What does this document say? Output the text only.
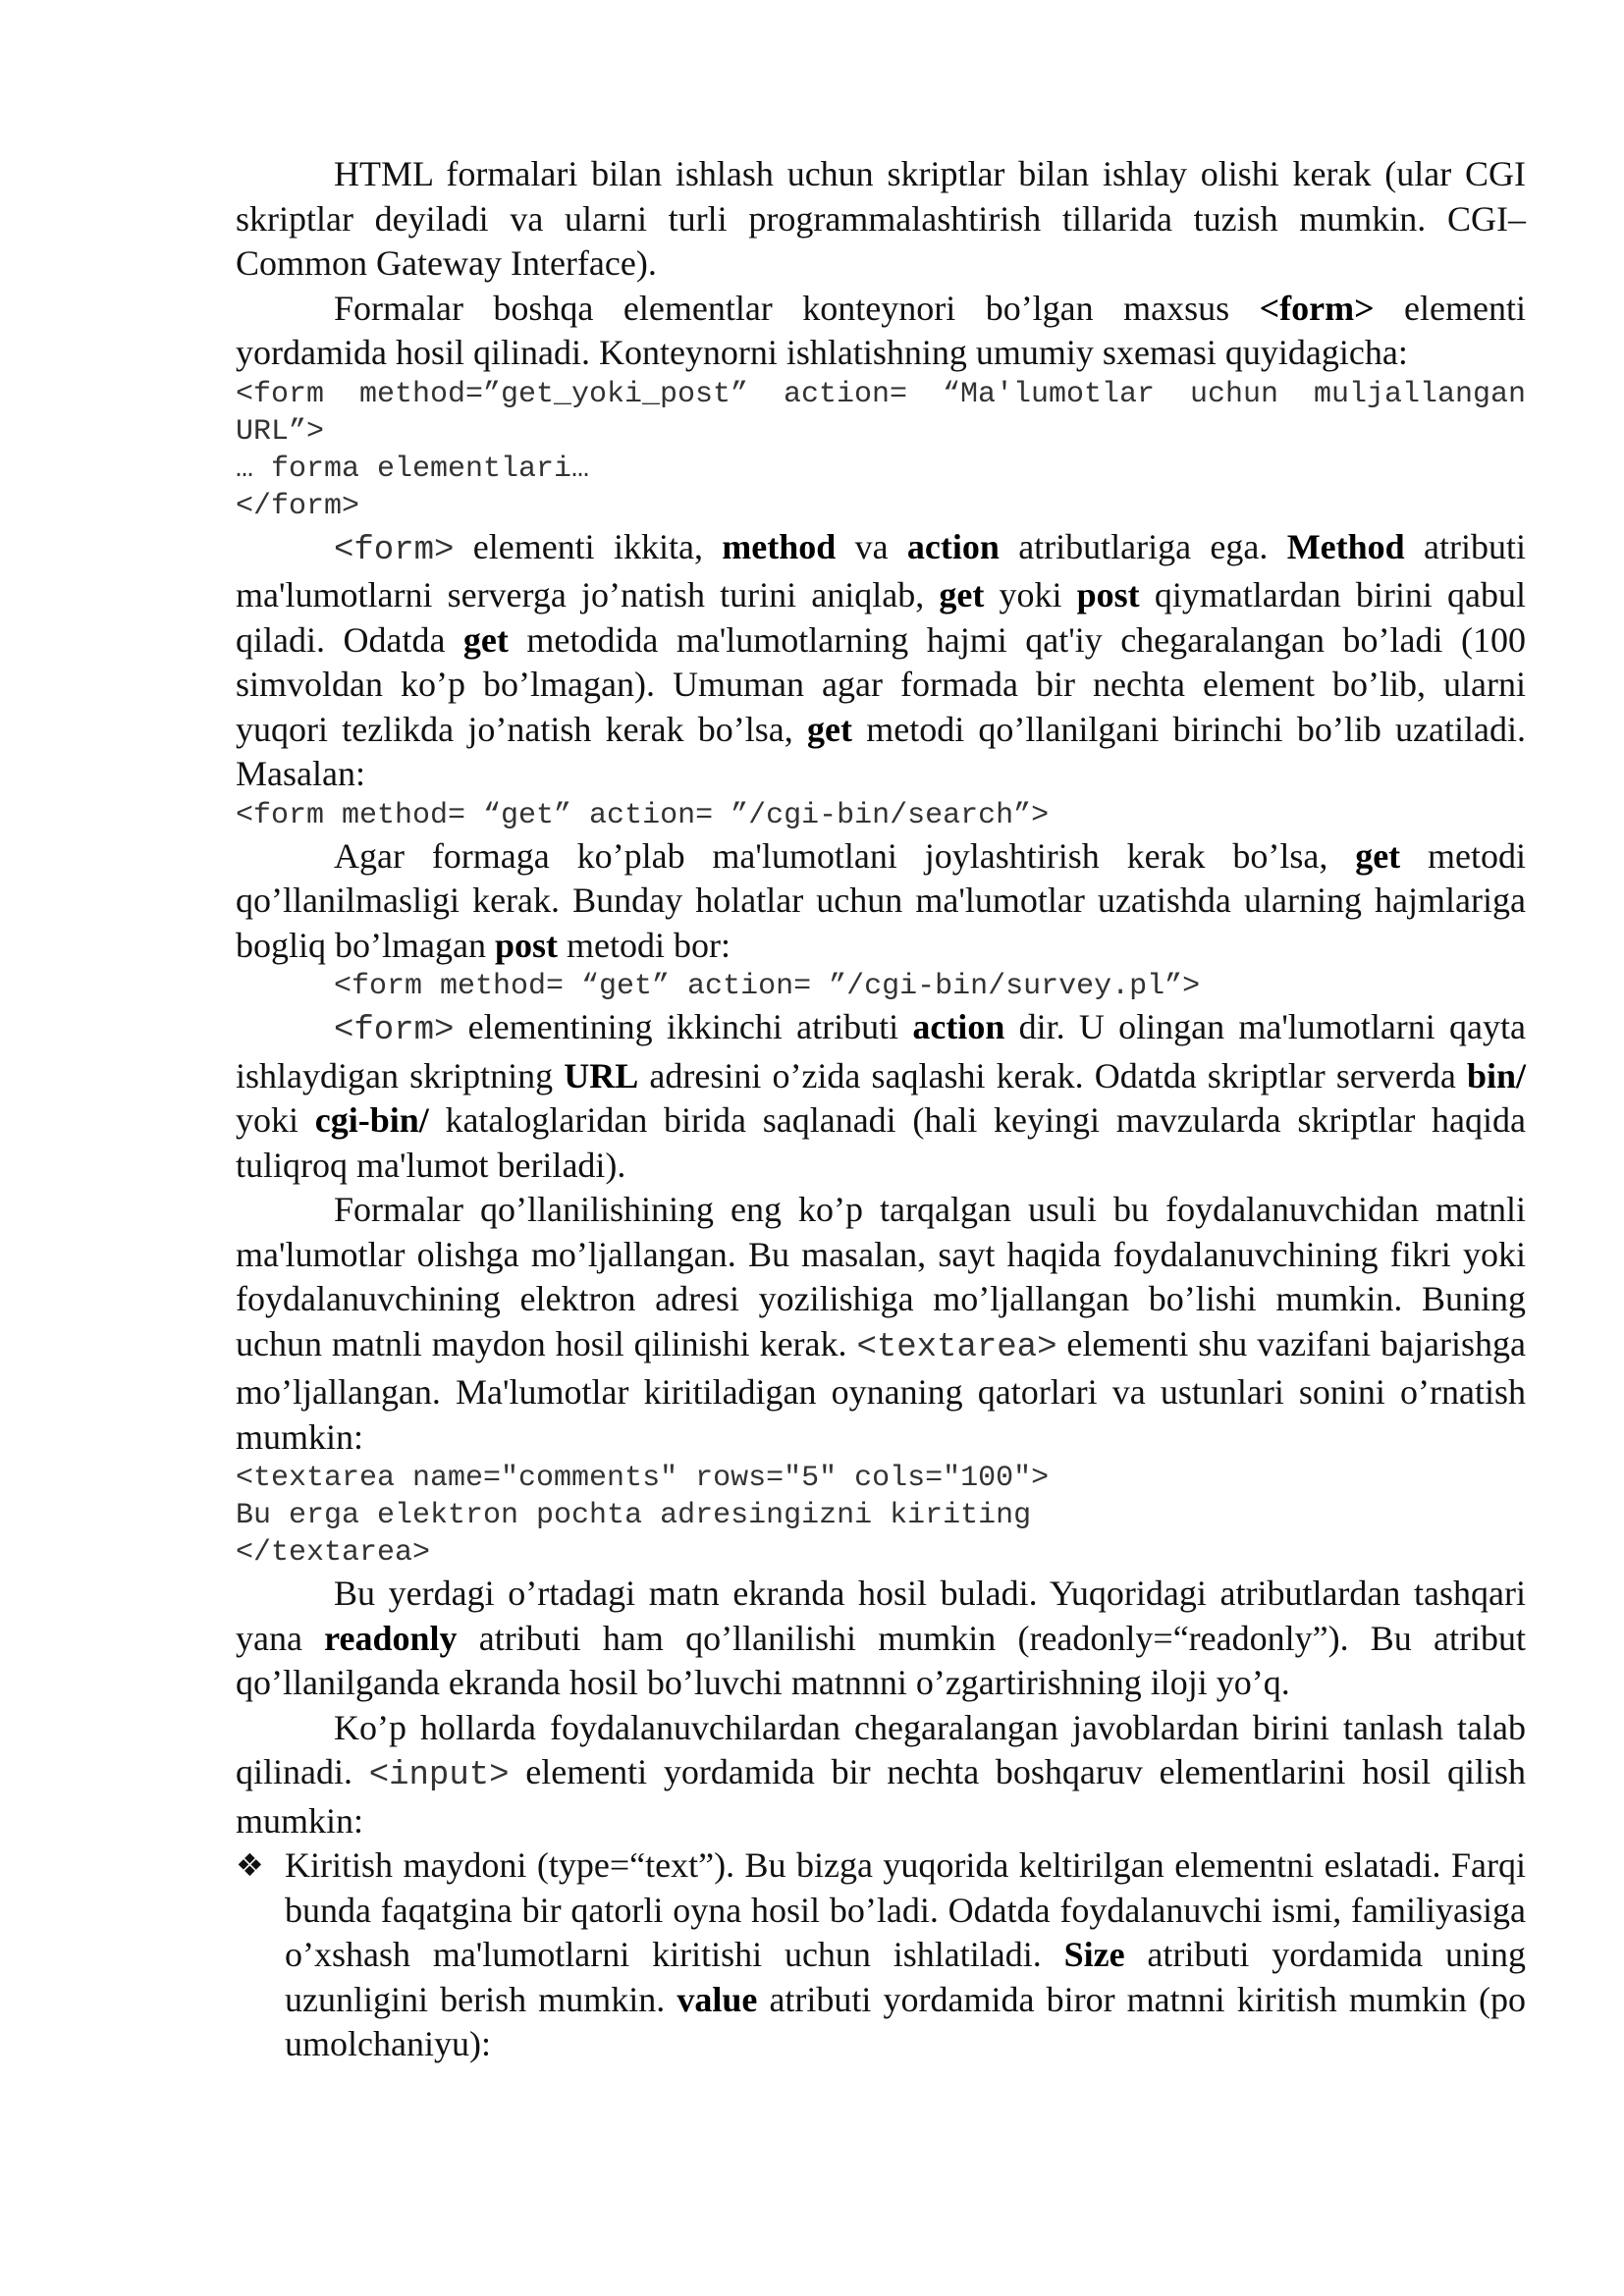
HTML formalari bilan ishlash uchun skriptlar bilan ishlay olishi kerak (ular CGI skriptlar deyiladi va ularni turli programmalashtirish tillarida tuzish mumkin. CGI–Common Gateway Interface).

Formalar boshqa elementlar konteynori bo’lgan maxsus <form> elementi yordamida hosil qilinadi. Konteynorni ishlatishning umumiy sxemasi quyidagicha:

<form method=”get_yoki_post” action= “Ma'lumotlar uchun muljallangan URL”>

… forma elementlari…

</form>

<form> elementi ikkita, method va action atributlariga ega. Method atributi ma'lumotlarni serverga jo’natish turini aniqlab, get yoki post qiymatlardan birini qabul qiladi. Odatda get metodida ma'lumotlarning hajmi qat'iy chegaralangan bo’ladi (100 simvoldan ko’p bo’lmagan). Umuman agar formada bir nechta element bo’lib, ularni yuqori tezlikda jo’natish kerak bo’lsa, get metodi qo’llanilgani birinchi bo’lib uzatiladi. Masalan:

<form method= “get” action= ”/cgi-bin/search”>

Agar formaga ko’plab ma'lumotlani joylashtirish kerak bo’lsa, get metodi qo’llanilmasligi kerak. Bunday holatlar uchun ma'lumotlar uzatishda ularning hajmlariga bogliq bo’lmagan post metodi bor:

<form method= “get” action= ”/cgi-bin/survey.pl”>

<form> elementining ikkinchi atributi action dir. U olingan ma'lumotlarni qayta ishlaydigan skriptning URL adresini o’zida saqlashi kerak. Odatda skriptlar serverda bin/ yoki cgi-bin/ kataloglaridan birida saqlanadi (hali keyingi mavzularda skriptlar haqida tuliqroq ma'lumot beriladi).

Formalar qo’llanilishining eng ko’p tarqalgan usuli bu foydalanuvchidan matnli ma'lumotlar olishga mo’ljallangan. Bu masalan, sayt haqida foydalanuvchining fikri yoki foydalanuvchining elektron adresi yozilishiga mo’ljallangan bo’lishi mumkin. Buning uchun matnli maydon hosil qilinishi kerak. <textarea> elementi shu vazifani bajarishga mo’ljallangan. Ma'lumotlar kiritiladigan oynaning qatorlari va ustunlari sonini o’rnatish mumkin:

<textarea name="comments" rows="5" cols="100">

Bu erga elektron pochta adresingizni kiriting

</textarea>

Bu yerdagi o’rtadagi matn ekranda hosil buladi. Yuqoridagi atributlardan tashqari yana readonly atributi ham qo’llanilishi mumkin (readonly=“readonly”). Bu atribut qo’llanilganda ekranda hosil bo’luvchi matnnni o’zgartirishning iloji yo’q.

Ko’p hollarda foydalanuvchilardan chegaralangan javoblardan birini tanlash talab qilinadi. <input> elementi yordamida bir nechta boshqaruv elementlarini hosil qilish mumkin:

❖ Kiritish maydoni (type=“text”). Bu bizga yuqorida keltirilgan elementni eslatadi. Farqi bunda faqatgina bir qatorli oyna hosil bo’ladi. Odatda foydalanuvchi ismi, familiyasiga o’xshash ma'lumotlarni kiritishi uchun ishlatiladi. Size atributi yordamida uning uzunligini berish mumkin. value atributi yordamida biror matnni kiritish mumkin (po umolchaniyu):
